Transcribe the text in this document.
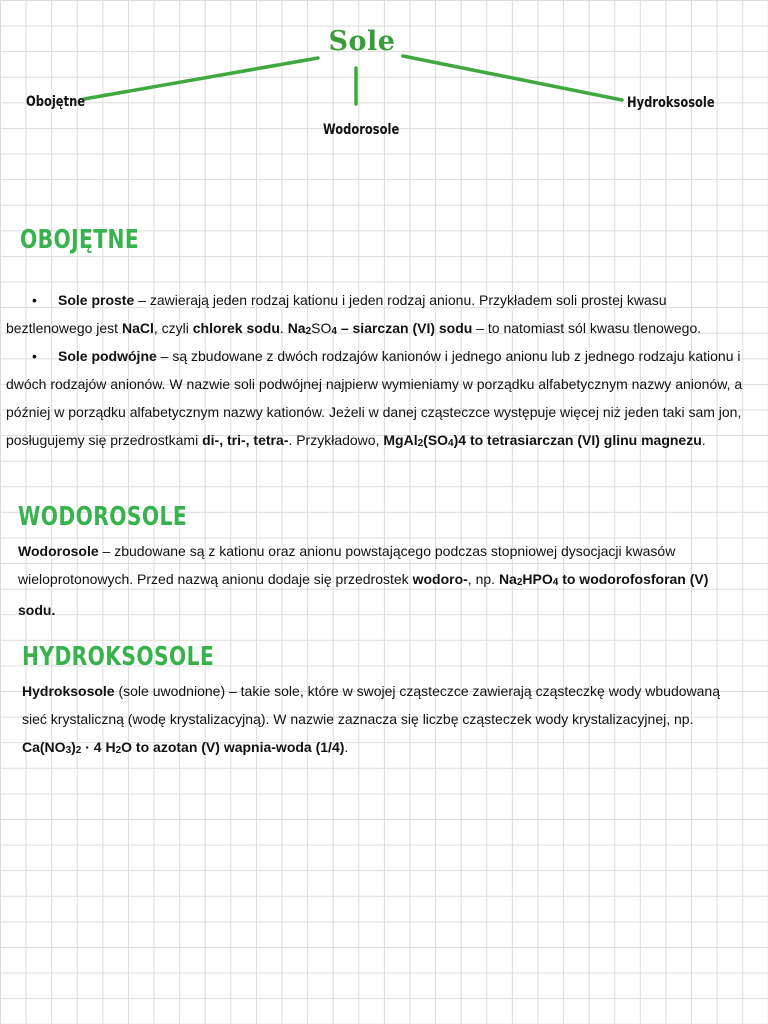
Sole
Obojętne
Wodorosole
Hydroksosole
OBOJĘTNE

• Sole proste – zawierają jeden rodzaj kationu i jeden rodzaj anionu. Przykładem soli prostej kwasu beztlenowego jest NaCl, czyli chlorek sodu. $Na_2SO_4$ – siarczan (VI) sodu – to natomiast sól kwasu tlenowego.

• Sole podwójne – są zbudowane z dwóch rodzajów kanionów i jednego anionu lub z jednego rodzaju kationu i dwóch rodzajów anionów. W nazwie soli podwójnej najpierw wymieniamy w porządku alfabetycznym nazwy anionów, a później w porządku alfabetycznym nazwy kationów. Jeżeli w danej cząsteczce występuje więcej niż jeden taki sam jon, posługujemy się przedrostkami di-, tri-, tetra-. Przykładowo, $MgAl_2(SO_4)4$ to tetrasiarczan (VI) glinu magnezu.

WODOROSOLE

Wodorosole – zbudowane są z kationu oraz anionu powstającego podczas stopniowej dysocjacji kwasów wieloprotonowych. Przed nazwą anionu dodaje się przedrostek wodoro-, np. $Na_2HPO_4$ to wodorofosforan (V) sodu.

HYDROKSOSOLE

Hydroksosole (sole uwodnione) – takie sole, które w swojej cząsteczce zawierają cząsteczkę wody wbudowaną sieć krystaliczną (wodę krystalizacyjną). W nazwie zaznacza się liczbę cząsteczek wody krystalizacyjnej, np. $Ca(NO_3)_2 \cdot 4$ $H_2O$ to azotan (V) wapnia-woda (1/4).
